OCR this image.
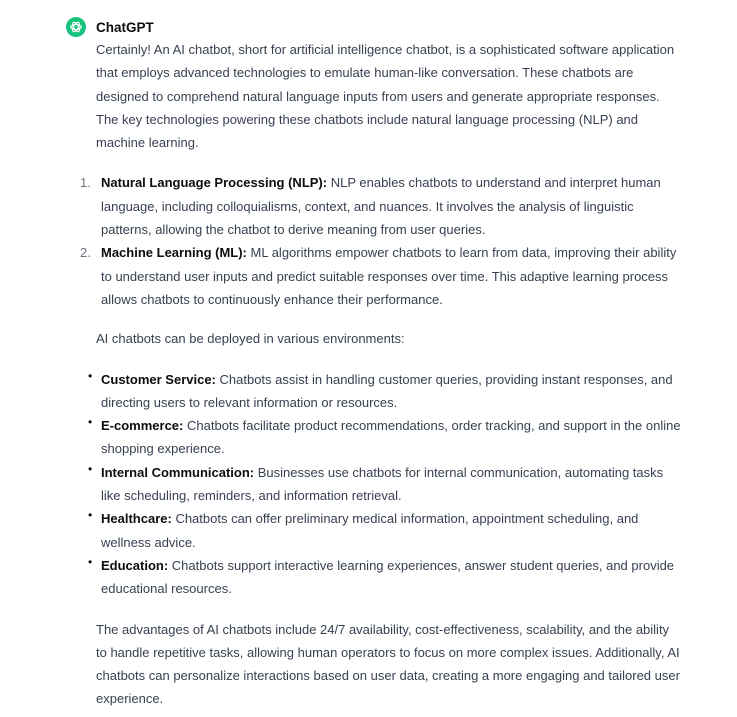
ChatGPT

Certainly! An AI chatbot, short for artificial intelligence chatbot, is a sophisticated software application that employs advanced technologies to emulate human-like conversation. These chatbots are designed to comprehend natural language inputs from users and generate appropriate responses. The key technologies powering these chatbots include natural language processing (NLP) and machine learning.

1. Natural Language Processing (NLP): NLP enables chatbots to understand and interpret human language, including colloquialisms, context, and nuances. It involves the analysis of linguistic patterns, allowing the chatbot to derive meaning from user queries.
2. Machine Learning (ML): ML algorithms empower chatbots to learn from data, improving their ability to understand user inputs and predict suitable responses over time. This adaptive learning process allows chatbots to continuously enhance their performance.

AI chatbots can be deployed in various environments:

• Customer Service: Chatbots assist in handling customer queries, providing instant responses, and directing users to relevant information or resources.
• E-commerce: Chatbots facilitate product recommendations, order tracking, and support in the online shopping experience.
• Internal Communication: Businesses use chatbots for internal communication, automating tasks like scheduling, reminders, and information retrieval.
• Healthcare: Chatbots can offer preliminary medical information, appointment scheduling, and wellness advice.
• Education: Chatbots support interactive learning experiences, answer student queries, and provide educational resources.

The advantages of AI chatbots include 24/7 availability, cost-effectiveness, scalability, and the ability to handle repetitive tasks, allowing human operators to focus on more complex issues. Additionally, AI chatbots can personalize interactions based on user data, creating a more engaging and tailored user experience.
